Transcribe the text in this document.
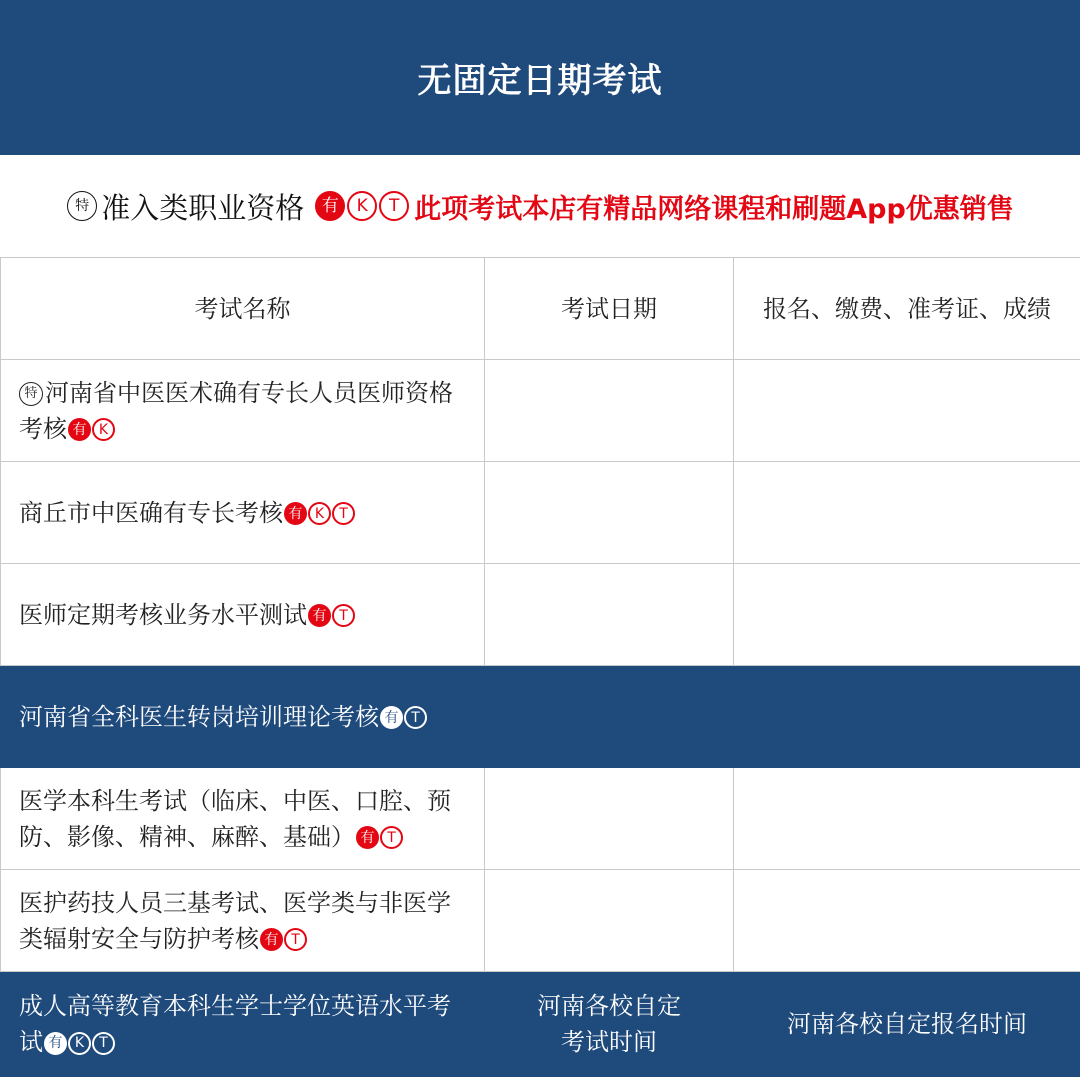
无固定日期考试
特 准入类职业资格	有	K	T 此项考试本店有精品网络课程和刷题App优惠销售
考试名称	考试日期	报名、缴费、准考证、成绩
特 河南省中医医术确有专长人员医师资格考核 有 K		
商丘市中医确有专长考核 有 K T		
医师定期考核业务水平测试 有 T		
河南省全科医生转岗培训理论考核 有 T		
医学本科生考试（临床、中医、口腔、预防、影像、精神、麻醉、基础） 有 T		
医护药技人员三基考试、医学类与非医学类辐射安全与防护考核 有 T		
成人高等教育本科生学士学位英语水平考试 有 K T	河南各校自定考试时间	河南各校自定报名时间
